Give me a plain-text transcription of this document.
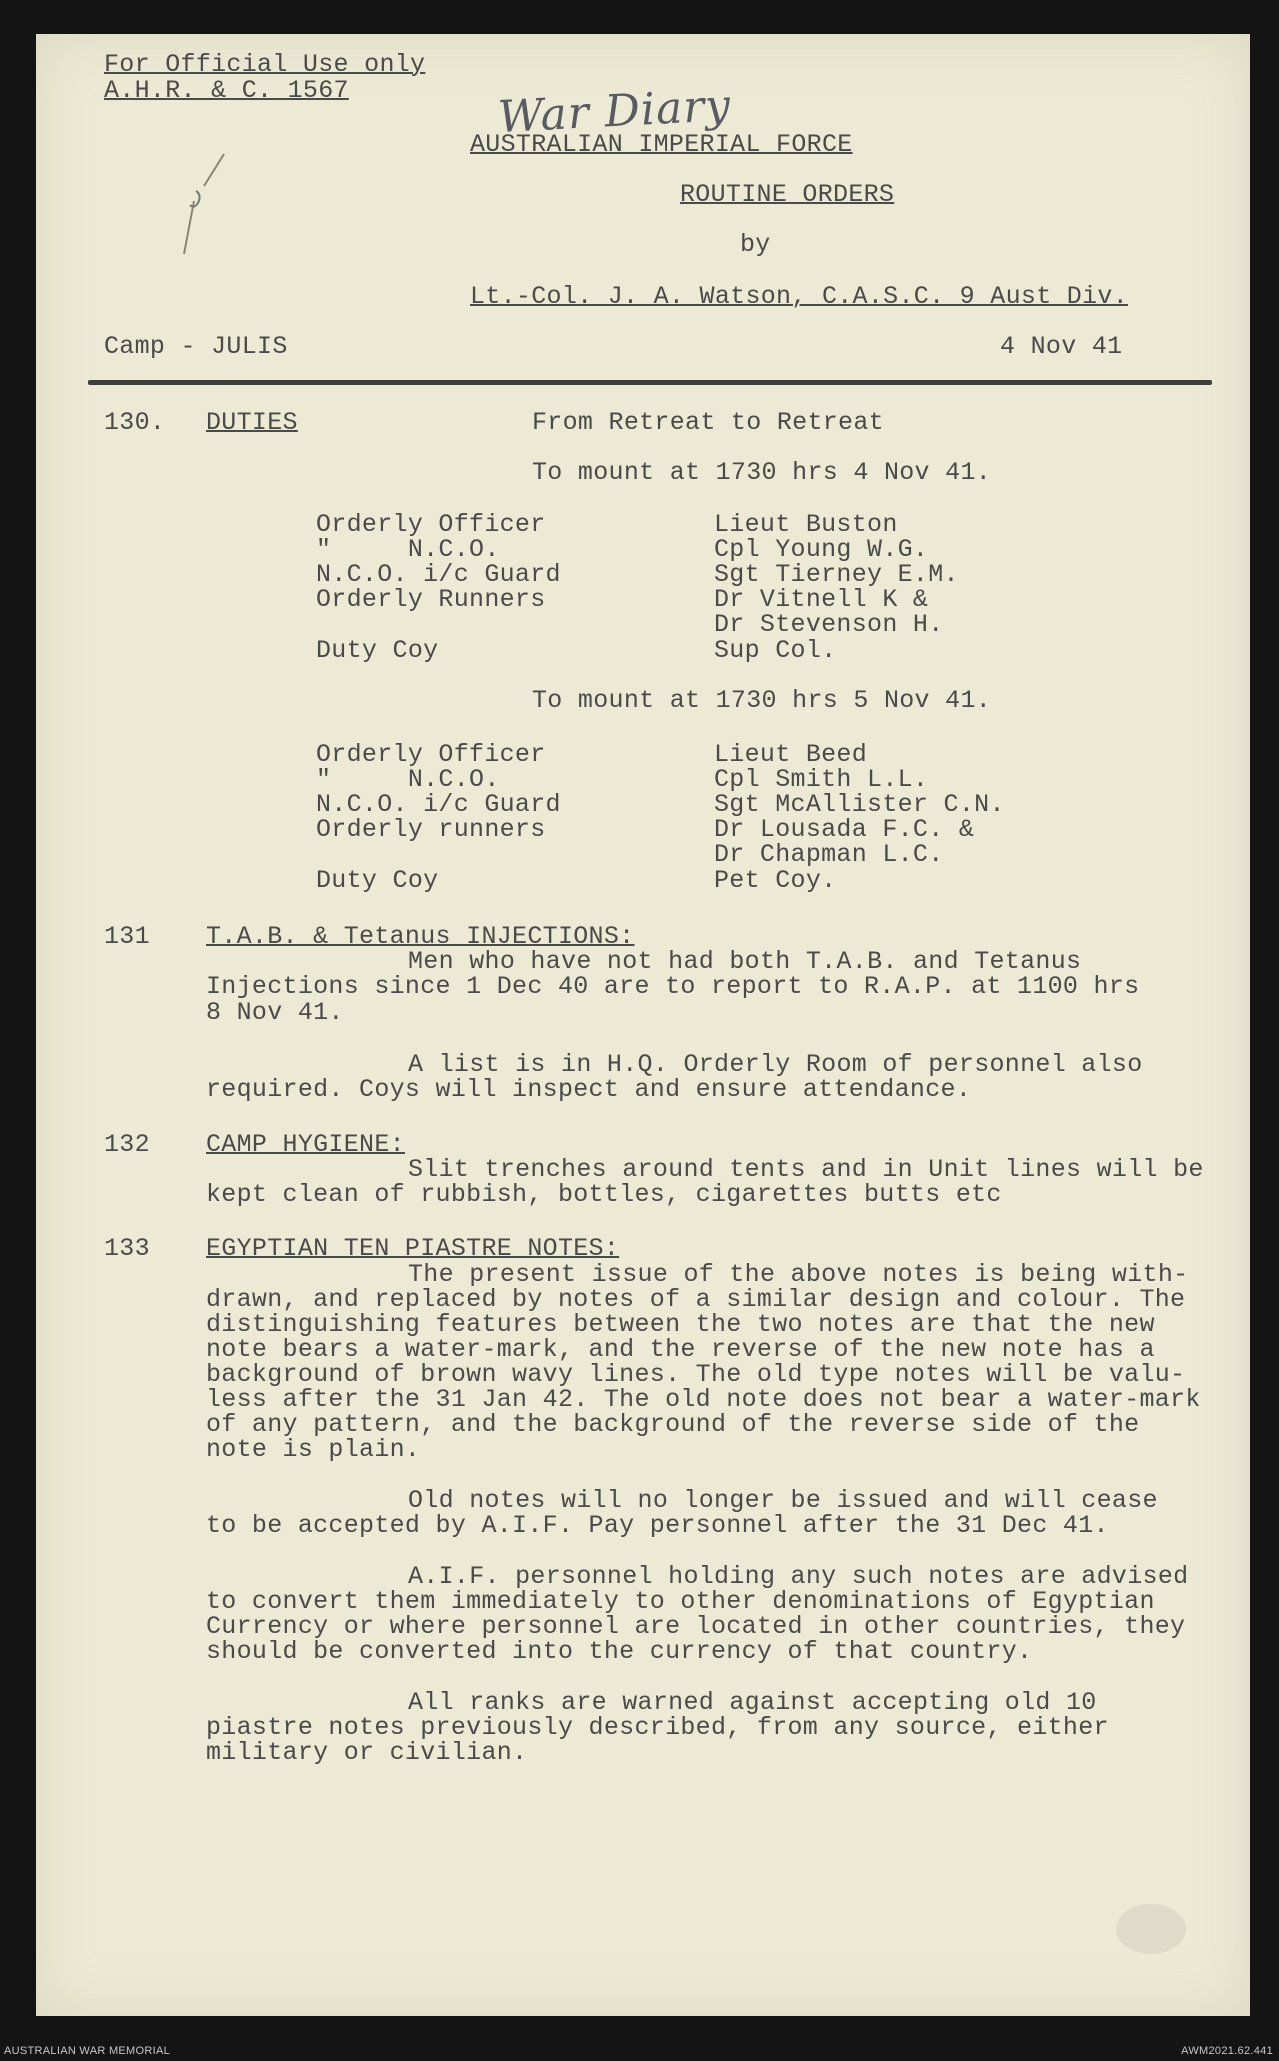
For Official Use only
A.H.R. & C. 1567	War Diary
AUSTRALIAN IMPERIAL FORCE
ROUTINE ORDERS
by
Lt.-Col. J. A. Watson, C.A.S.C. 9 Aust Div.
Camp - JULIS	4 Nov 41
130. DUTIES	From Retreat to Retreat
To mount at 1730 hrs 4 Nov 41.
Orderly Officer	Lieut Buston
"     N.C.O.	Cpl Young W.G.
N.C.O. i/c Guard	Sgt Tierney E.M.
Orderly Runners	Dr Vitnell K &
Dr Stevenson H.
Duty Coy	Sup Col.
To mount at 1730 hrs 5 Nov 41.
Orderly Officer	Lieut Beed
"     N.C.O.	Cpl Smith L.L.
N.C.O. i/c Guard	Sgt McAllister C.N.
Orderly runners	Dr Lousada F.C. &
Dr Chapman L.C.
Duty Coy	Pet Coy.
131 T.A.B. & Tetanus INJECTIONS:
Men who have not had both T.A.B. and Tetanus
Injections since 1 Dec 40 are to report to R.A.P. at 1100 hrs
8 Nov 41.
A list is in H.Q. Orderly Room of personnel also
required. Coys will inspect and ensure attendance.
132 CAMP HYGIENE:
Slit trenches around tents and in Unit lines will be
kept clean of rubbish, bottles, cigarettes butts etc
133 EGYPTIAN TEN PIASTRE NOTES:
The present issue of the above notes is being with-
drawn, and replaced by notes of a similar design and colour. The
distinguishing features between the two notes are that the new
note bears a water-mark, and the reverse of the new note has a
background of brown wavy lines. The old type notes will be valu-
less after the 31 Jan 42. The old note does not bear a water-mark
of any pattern, and the background of the reverse side of the
note is plain.
Old notes will no longer be issued and will cease
to be accepted by A.I.F. Pay personnel after the 31 Dec 41.
A.I.F. personnel holding any such notes are advised
to convert them immediately to other denominations of Egyptian
Currency or where personnel are located in other countries, they
should be converted into the currency of that country.
All ranks are warned against accepting old 10
piastre notes previously described, from any source, either
military or civilian.
AUSTRALIAN WAR MEMORIAL	AWM2021.62.441
